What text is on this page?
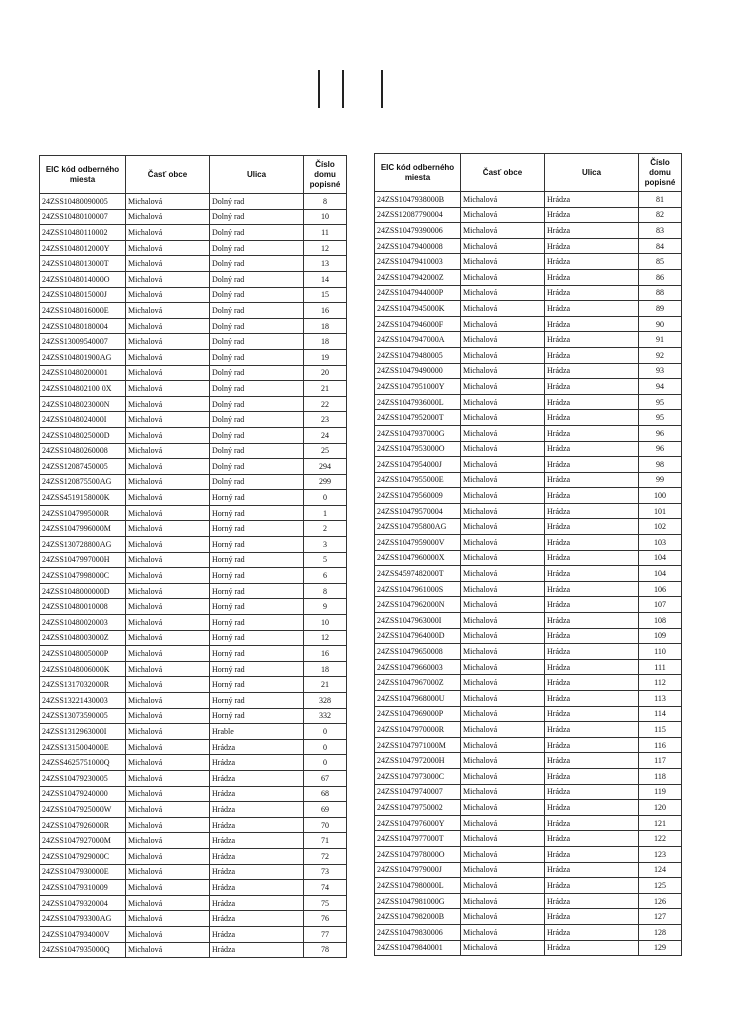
EIC kód odberného miesta	Časť obce	Ulica	Číslo domu popisné
24ZSS10480090005	Michalová	Dolný rad	8
24ZSS10480100007	Michalová	Dolný rad	10
24ZSS10480110002	Michalová	Dolný rad	11
24ZSS1048012000Y	Michalová	Dolný rad	12
24ZSS1048013000T	Michalová	Dolný rad	13
24ZSS1048014000O	Michalová	Dolný rad	14
24ZSS1048015000J	Michalová	Dolný rad	15
24ZSS1048016000E	Michalová	Dolný rad	16
24ZSS10480180004	Michalová	Dolný rad	18
24ZSS13009540007	Michalová	Dolný rad	18
24ZSS104801900AG	Michalová	Dolný rad	19
24ZSS10480200001	Michalová	Dolný rad	20
24ZSS104802100 0X	Michalová	Dolný rad	21
24ZSS1048023000N	Michalová	Dolný rad	22
24ZSS1048024000I	Michalová	Dolný rad	23
24ZSS1048025000D	Michalová	Dolný rad	24
24ZSS10480260008	Michalová	Dolný rad	25
24ZSS12087450005	Michalová	Dolný rad	294
24ZSS120875500AG	Michalová	Dolný rad	299
24ZSS4519158000K	Michalová	Horný rad	0
24ZSS1047995000R	Michalová	Horný rad	1
24ZSS1047996000M	Michalová	Horný rad	2
24ZSS130728800AG	Michalová	Horný rad	3
24ZSS1047997000H	Michalová	Horný rad	5
24ZSS1047998000C	Michalová	Horný rad	6
24ZSS1048000000D	Michalová	Horný rad	8
24ZSS10480010008	Michalová	Horný rad	9
24ZSS10480020003	Michalová	Horný rad	10
24ZSS1048003000Z	Michalová	Horný rad	12
24ZSS1048005000P	Michalová	Horný rad	16
24ZSS1048006000K	Michalová	Horný rad	18
24ZSS1317032000R	Michalová	Horný rad	21
24ZSS13221430003	Michalová	Horný rad	328
24ZSS13073590005	Michalová	Horný rad	332
24ZSS1312963000I	Michalová	Hrable	0
24ZSS1315004000E	Michalová	Hrádza	0
24ZSS4625751000Q	Michalová	Hrádza	0
24ZSS10479230005	Michalová	Hrádza	67
24ZSS10479240000	Michalová	Hrádza	68
24ZSS1047925000W	Michalová	Hrádza	69
24ZSS1047926000R	Michalová	Hrádza	70
24ZSS1047927000M	Michalová	Hrádza	71
24ZSS1047929000C	Michalová	Hrádza	72
24ZSS1047930000E	Michalová	Hrádza	73
24ZSS10479310009	Michalová	Hrádza	74
24ZSS10479320004	Michalová	Hrádza	75
24ZSS104793300AG	Michalová	Hrádza	76
24ZSS1047934000V	Michalová	Hrádza	77
24ZSS1047935000Q	Michalová	Hrádza	78
EIC kód odberného miesta	Časť obce	Ulica	Číslo domu popisné
24ZSS1047938000B	Michalová	Hrádza	81
24ZSS12087790004	Michalová	Hrádza	82
24ZSS10479390006	Michalová	Hrádza	83
24ZSS10479400008	Michalová	Hrádza	84
24ZSS10479410003	Michalová	Hrádza	85
24ZSS1047942000Z	Michalová	Hrádza	86
24ZSS1047944000P	Michalová	Hrádza	88
24ZSS1047945000K	Michalová	Hrádza	89
24ZSS1047946000F	Michalová	Hrádza	90
24ZSS1047947000A	Michalová	Hrádza	91
24ZSS10479480005	Michalová	Hrádza	92
24ZSS10479490000	Michalová	Hrádza	93
24ZSS1047951000Y	Michalová	Hrádza	94
24ZSS1047936000L	Michalová	Hrádza	95
24ZSS1047952000T	Michalová	Hrádza	95
24ZSS1047937000G	Michalová	Hrádza	96
24ZSS1047953000O	Michalová	Hrádza	96
24ZSS1047954000J	Michalová	Hrádza	98
24ZSS1047955000E	Michalová	Hrádza	99
24ZSS10479560009	Michalová	Hrádza	100
24ZSS10479570004	Michalová	Hrádza	101
24ZSS104795800AG	Michalová	Hrádza	102
24ZSS1047959000V	Michalová	Hrádza	103
24ZSS1047960000X	Michalová	Hrádza	104
24ZSS4597482000T	Michalová	Hrádza	104
24ZSS1047961000S	Michalová	Hrádza	106
24ZSS1047962000N	Michalová	Hrádza	107
24ZSS1047963000I	Michalová	Hrádza	108
24ZSS1047964000D	Michalová	Hrádza	109
24ZSS10479650008	Michalová	Hrádza	110
24ZSS10479660003	Michalová	Hrádza	111
24ZSS1047967000Z	Michalová	Hrádza	112
24ZSS1047968000U	Michalová	Hrádza	113
24ZSS1047969000P	Michalová	Hrádza	114
24ZSS1047970000R	Michalová	Hrádza	115
24ZSS1047971000M	Michalová	Hrádza	116
24ZSS1047972000H	Michalová	Hrádza	117
24ZSS1047973000C	Michalová	Hrádza	118
24ZSS10479740007	Michalová	Hrádza	119
24ZSS10479750002	Michalová	Hrádza	120
24ZSS1047976000Y	Michalová	Hrádza	121
24ZSS1047977000T	Michalová	Hrádza	122
24ZSS1047978000O	Michalová	Hrádza	123
24ZSS1047979000J	Michalová	Hrádza	124
24ZSS1047980000L	Michalová	Hrádza	125
24ZSS1047981000G	Michalová	Hrádza	126
24ZSS1047982000B	Michalová	Hrádza	127
24ZSS10479830006	Michalová	Hrádza	128
24ZSS10479840001	Michalová	Hrádza	129
